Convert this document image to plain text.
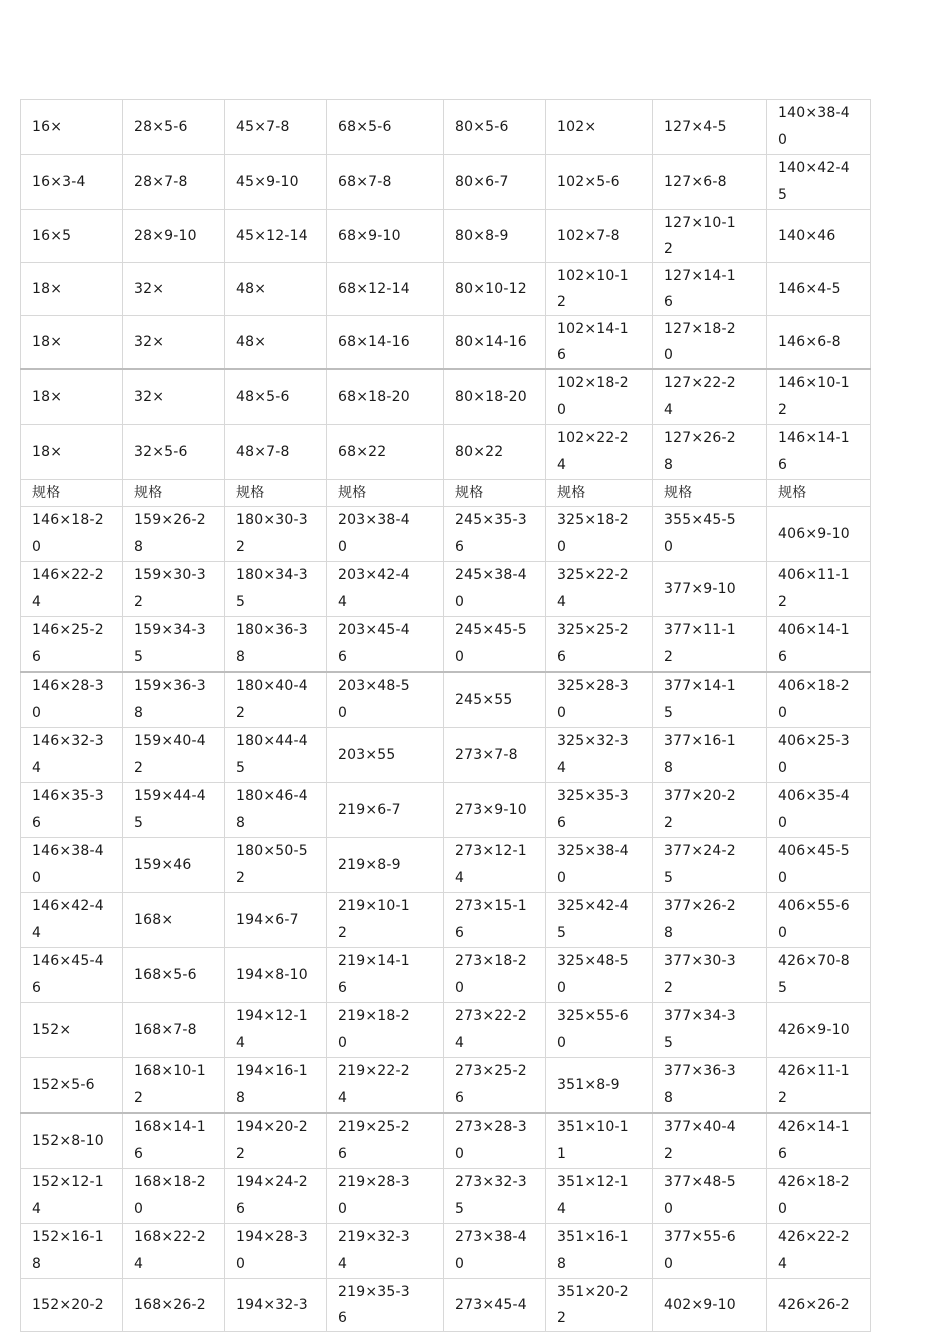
16×	28×5-6	45×7-8	68×5-6	80×5-6	102×	127×4-5	140×38-40

16×3-4	28×7-8	45×9-10	68×7-8	80×6-7	102×5-6	127×6-8	140×42-45

16×5	28×9-10	45×12-14	68×9-10	80×8-9	102×7-8	127×10-12	140×46

18×	32×	48×	68×12-14	80×10-12	102×10-12	127×14-16	146×4-5

18×	32×	48×	68×14-16	80×14-16	102×14-16	127×18-20	146×6-8

18×	32×	48×5-6	68×18-20	80×18-20	102×18-20	127×22-24	146×10-12

18×	32×5-6	48×7-8	68×22	80×22	102×22-24	127×26-28	146×14-16

规格	规格	规格	规格	规格	规格	规格	规格

146×18-20	159×26-28	180×30-32	203×38-40	245×35-36	325×18-20	355×45-50	406×9-10

146×22-24	159×30-32	180×34-35	203×42-44	245×38-40	325×22-24	377×9-10	406×11-12

146×25-26	159×34-35	180×36-38	203×45-46	245×45-50	325×25-26	377×11-12	406×14-16

146×28-30	159×36-38	180×40-42	203×48-50	245×55	325×28-30	377×14-15	406×18-20

146×32-34	159×40-42	180×44-45	203×55	273×7-8	325×32-34	377×16-18	406×25-30

146×35-36	159×44-45	180×46-48	219×6-7	273×9-10	325×35-36	377×20-22	406×35-40

146×38-40	159×46	180×50-52	219×8-9	273×12-14	325×38-40	377×24-25	406×45-50

146×42-44	168×	194×6-7	219×10-12	273×15-16	325×42-45	377×26-28	406×55-60

146×45-46	168×5-6	194×8-10	219×14-16	273×18-20	325×48-50	377×30-32	426×70-85

152×	168×7-8	194×12-14	219×18-20	273×22-24	325×55-60	377×34-35	426×9-10

152×5-6	168×10-12	194×16-18	219×22-24	273×25-26	351×8-9	377×36-38	426×11-12

152×8-10	168×14-16	194×20-22	219×25-26	273×28-30	351×10-11	377×40-42	426×14-16

152×12-14	168×18-20	194×24-26	219×28-30	273×32-35	351×12-14	377×48-50	426×18-20

152×16-18	168×22-24	194×28-30	219×32-34	273×38-40	351×16-18	377×55-60	426×22-24

152×20-2	168×26-2	194×32-3	219×35-36	273×45-4	351×20-22	402×9-10	426×26-2
